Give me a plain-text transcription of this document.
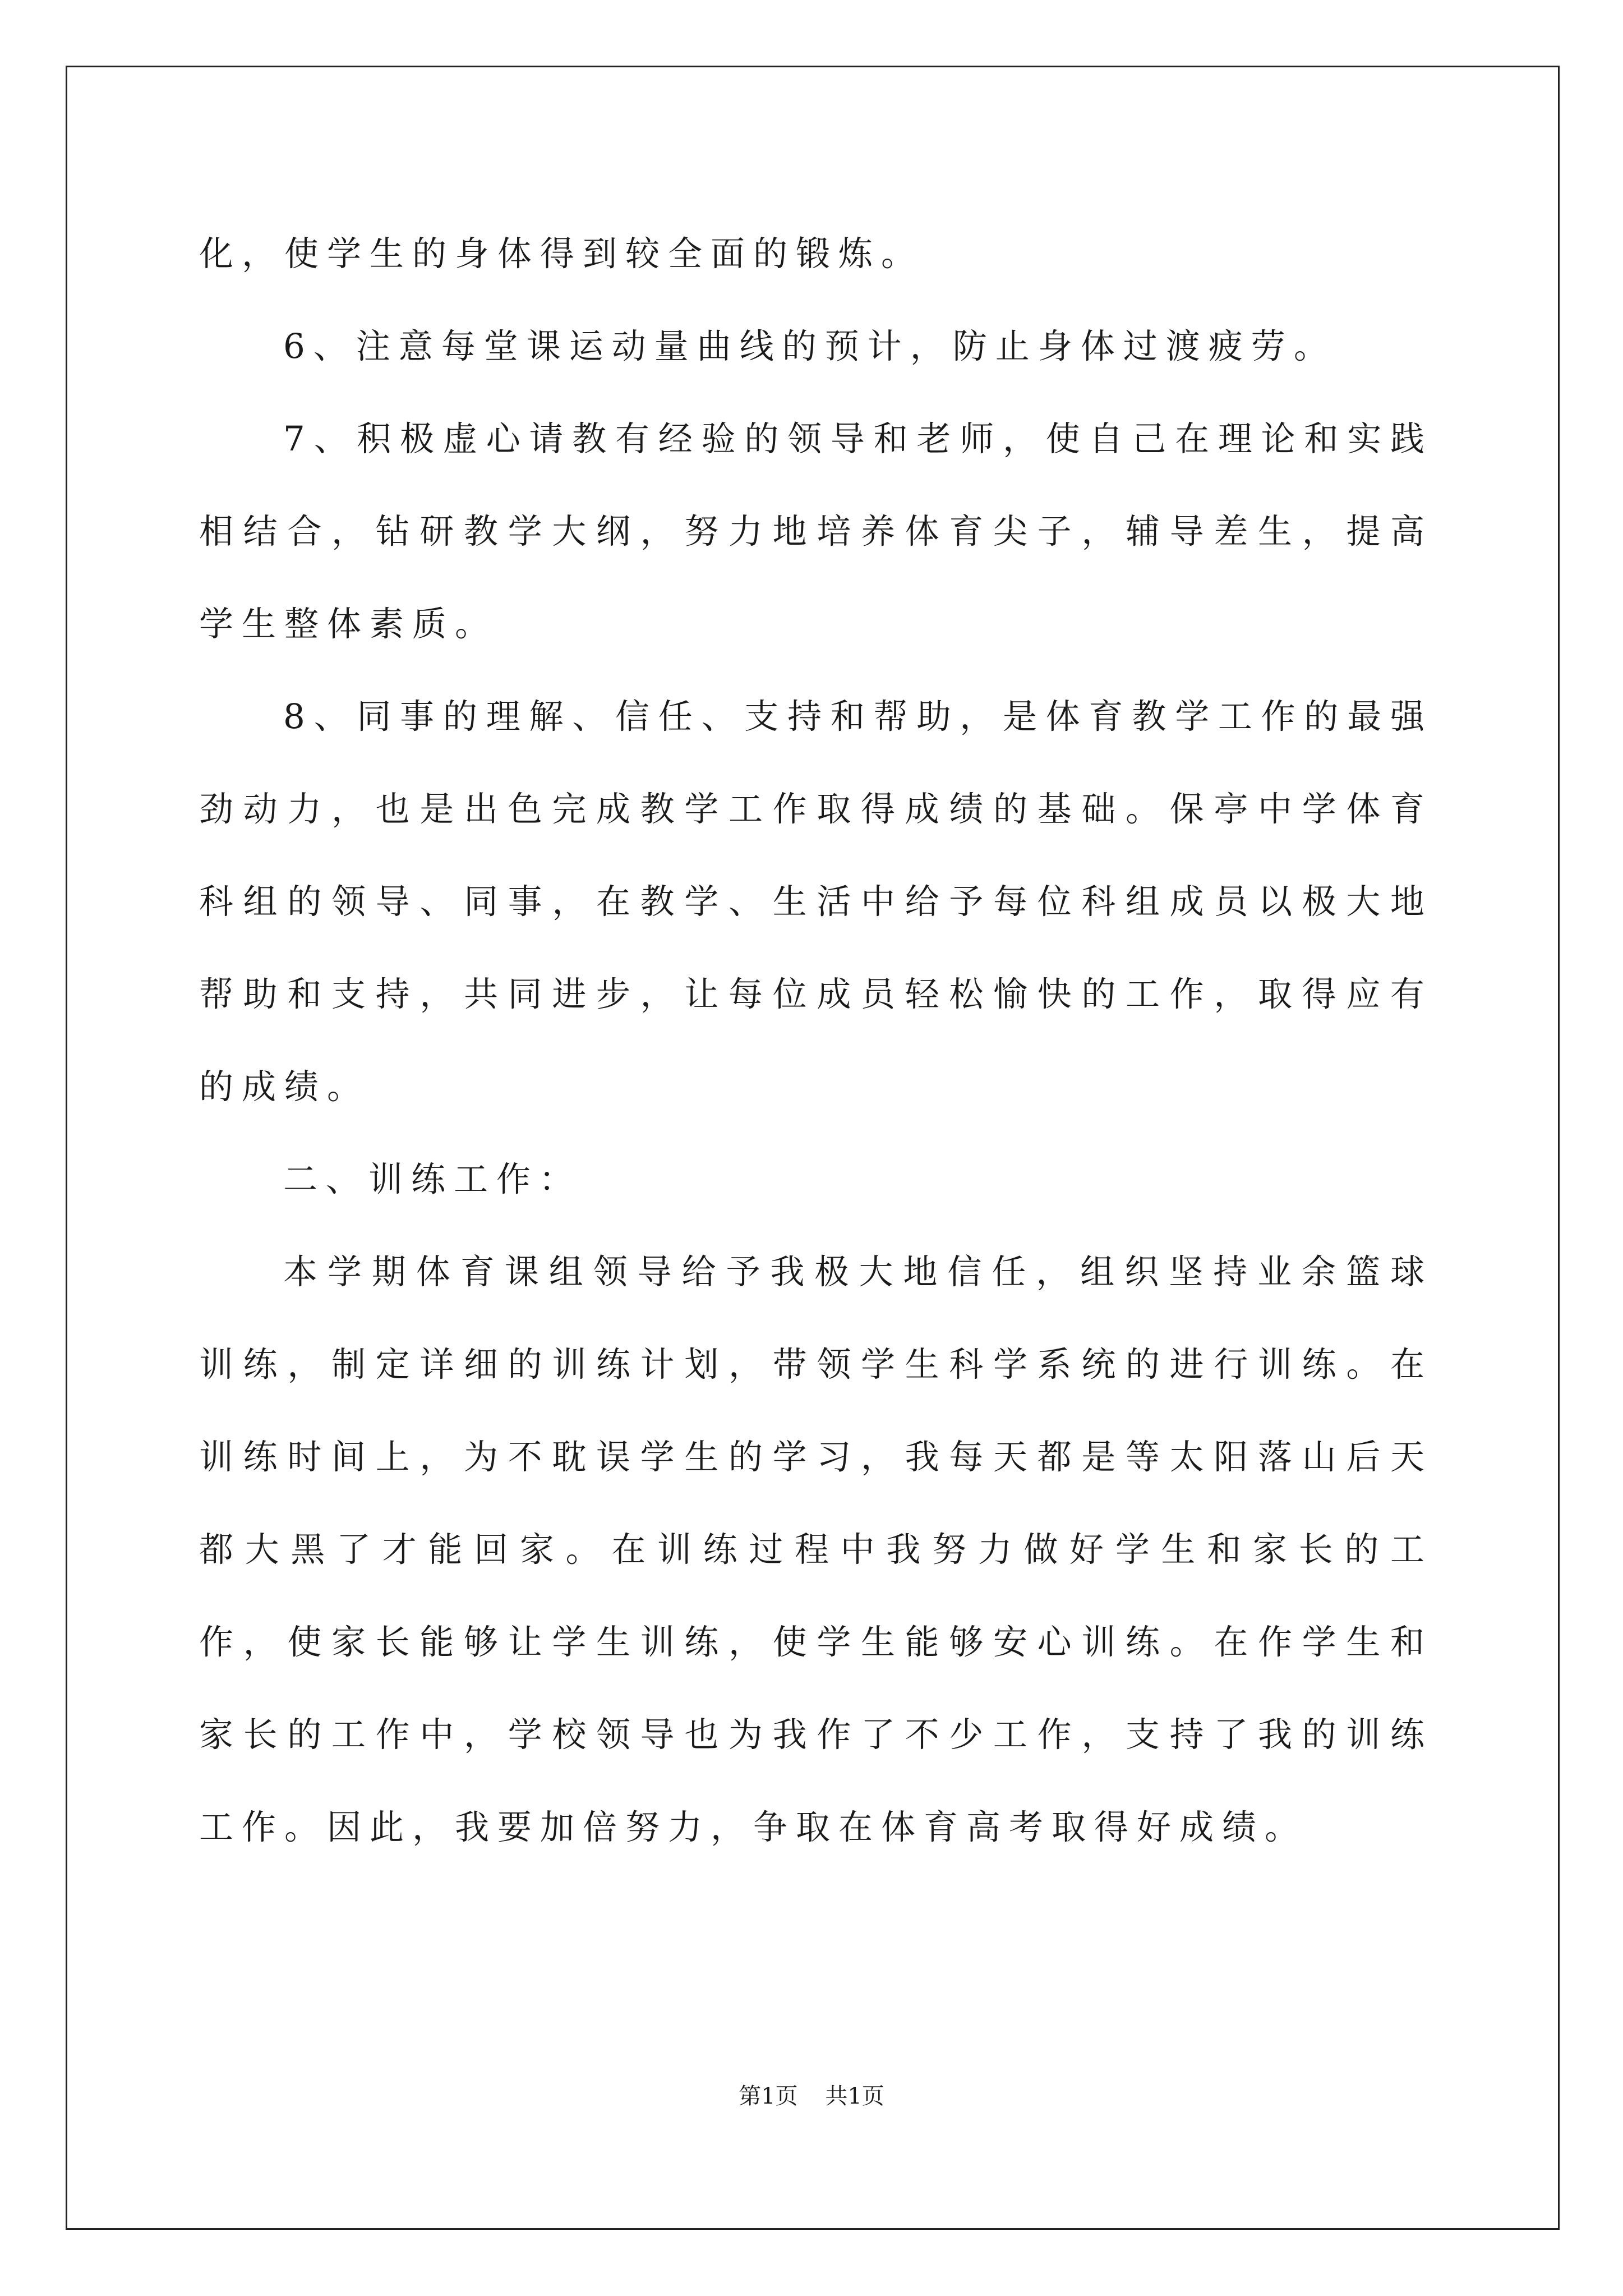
化，使学生的身体得到较全面的锻炼。

6、注意每堂课运动量曲线的预计，防止身体过渡疲劳。

7、积极虚心请教有经验的领导和老师，使自己在理论和实践相结合，钻研教学大纲，努力地培养体育尖子，辅导差生，提高学生整体素质。

8、同事的理解、信任、支持和帮助，是体育教学工作的最强劲动力，也是出色完成教学工作取得成绩的基础。保亭中学体育科组的领导、同事，在教学、生活中给予每位科组成员以极大地帮助和支持，共同进步，让每位成员轻松愉快的工作，取得应有的成绩。

二、训练工作：

本学期体育课组领导给予我极大地信任，组织坚持业余篮球训练，制定详细的训练计划，带领学生科学系统的进行训练。在训练时间上，为不耽误学生的学习，我每天都是等太阳落山后天都大黑了才能回家。在训练过程中我努力做好学生和家长的工作，使家长能够让学生训练，使学生能够安心训练。在作学生和家长的工作中，学校领导也为我作了不少工作，支持了我的训练工作。因此，我要加倍努力，争取在体育高考取得好成绩。

第1页 共1页
